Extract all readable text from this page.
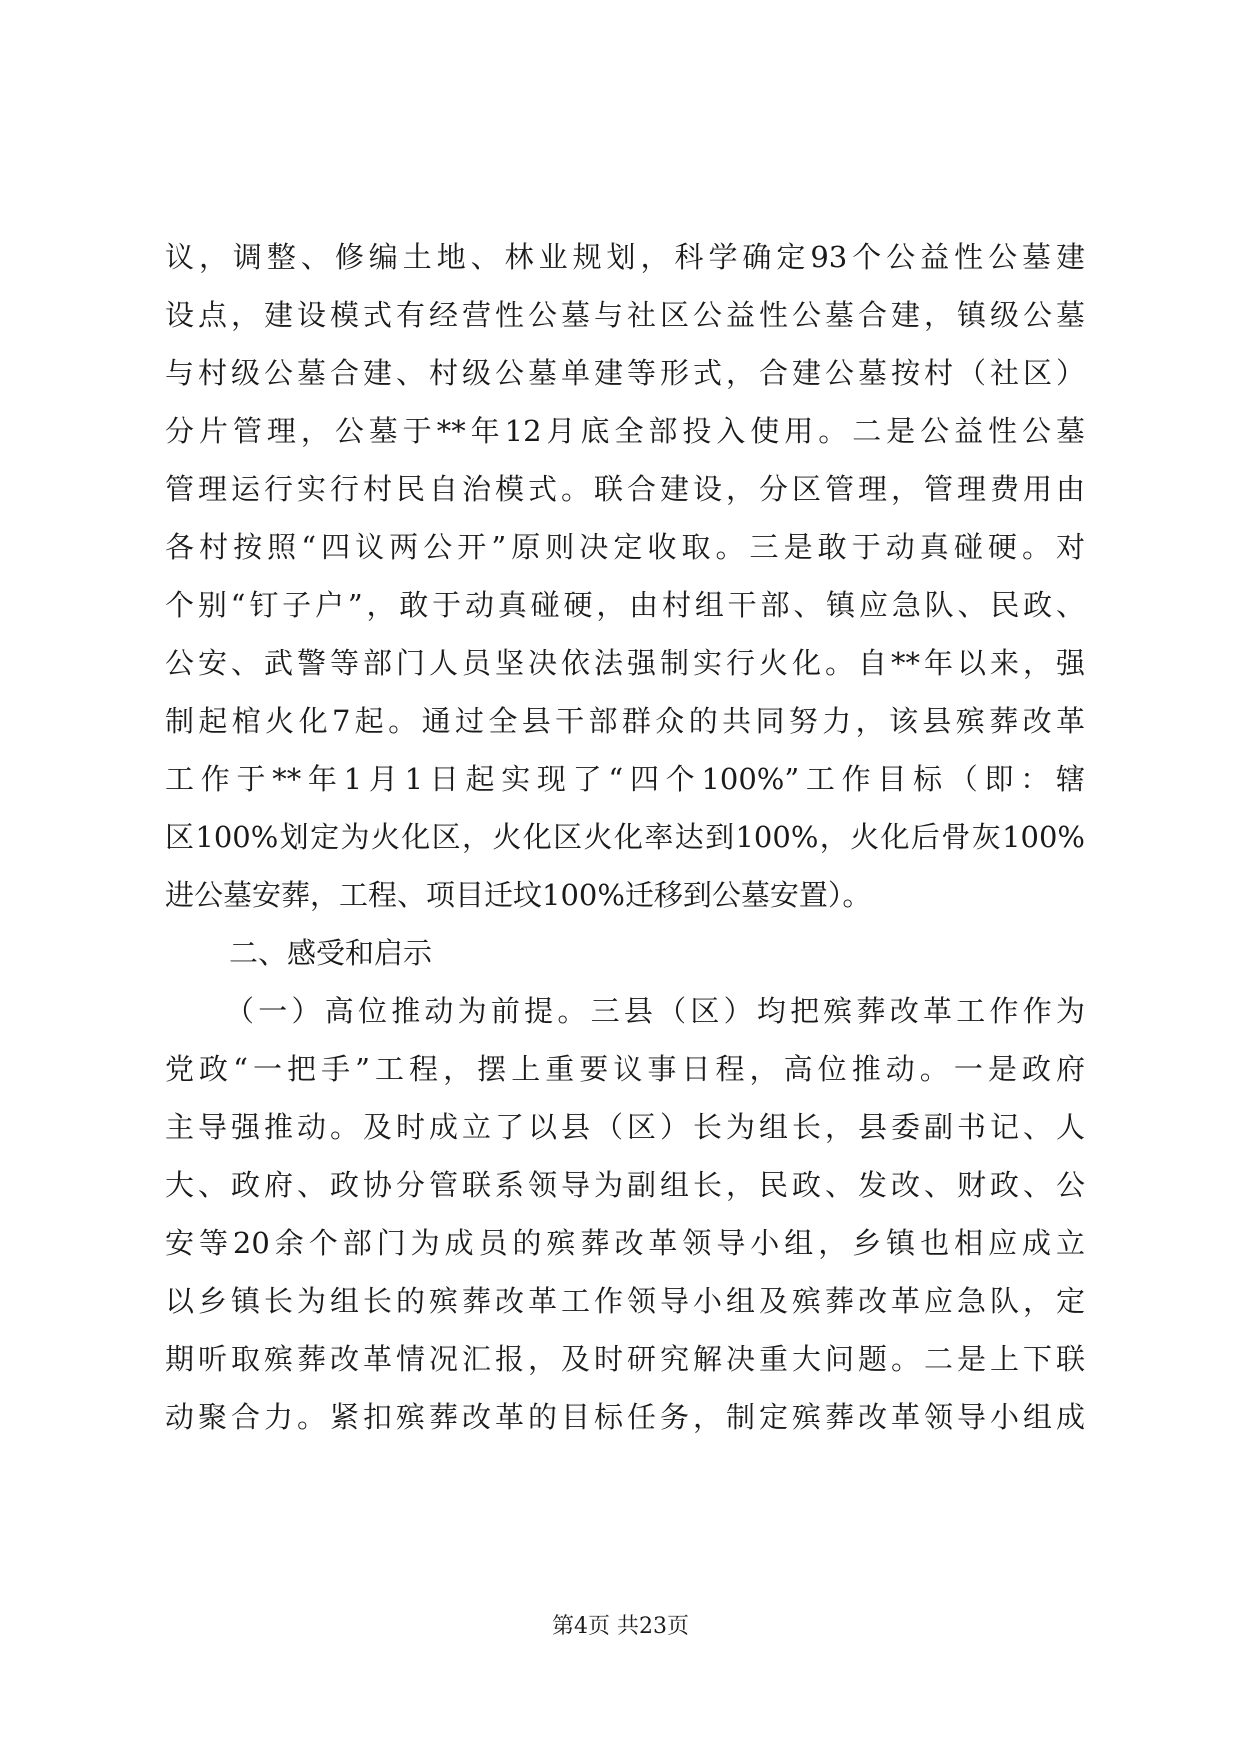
议，调整、修编土地、林业规划，科学确定93个公益性公墓建
设点，建设模式有经营性公墓与社区公益性公墓合建，镇级公墓
与村级公墓合建、村级公墓单建等形式，合建公墓按村（社区）
分片管理，公墓于**年12月底全部投入使用。二是公益性公墓
管理运行实行村民自治模式。联合建设，分区管理，管理费用由
各村按照“四议两公开”原则决定收取。三是敢于动真碰硬。对
个别“钉子户”，敢于动真碰硬，由村组干部、镇应急队、民政、
公安、武警等部门人员坚决依法强制实行火化。自**年以来，强
制起棺火化7起。通过全县干部群众的共同努力，该县殡葬改革
工作于**年1月1日起实现了“四个100%”工作目标（即：辖
区100%划定为火化区，火化区火化率达到100%，火化后骨灰100%
进公墓安葬，工程、项目迁坟100%迁移到公墓安置）。
二、感受和启示
（一）高位推动为前提。三县（区）均把殡葬改革工作作为
党政“一把手”工程，摆上重要议事日程，高位推动。一是政府
主导强推动。及时成立了以县（区）长为组长，县委副书记、人
大、政府、政协分管联系领导为副组长，民政、发改、财政、公
安等20余个部门为成员的殡葬改革领导小组，乡镇也相应成立
以乡镇长为组长的殡葬改革工作领导小组及殡葬改革应急队，定
期听取殡葬改革情况汇报，及时研究解决重大问题。二是上下联
动聚合力。紧扣殡葬改革的目标任务，制定殡葬改革领导小组成
第4页 共23页
